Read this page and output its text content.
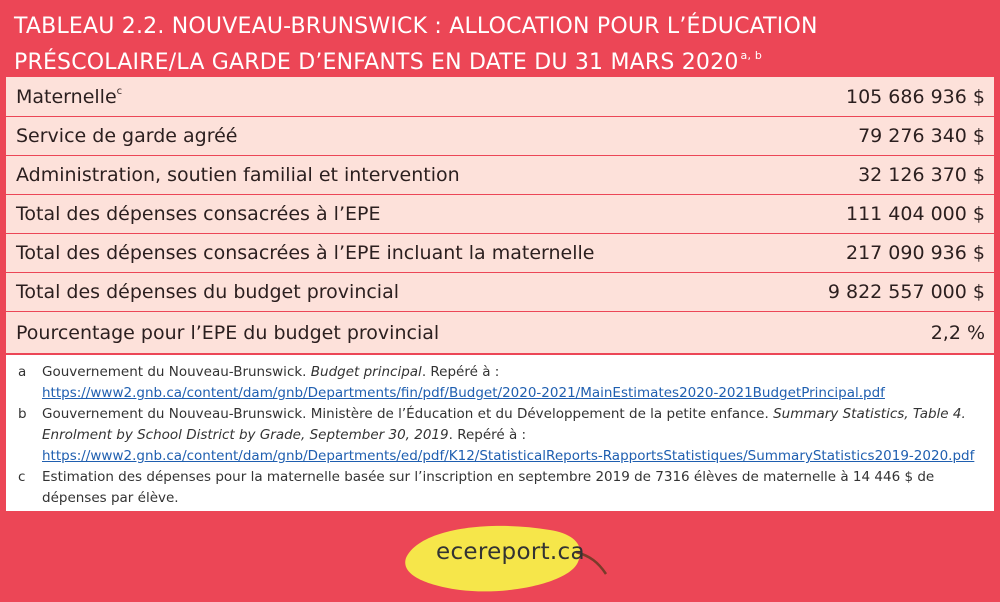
TABLEAU 2.2. NOUVEAU-BRUNSWICK : ALLOCATION POUR L’ÉDUCATION PRÉSCOLAIRE/LA GARDE D’ENFANTS EN DATE DU 31 MARS 2020 $^{a, b}$
Maternelle$^c$	105 686 936 $
Service de garde agréé	79 276 340 $
Administration, soutien familial et intervention	32 126 370 $
Total des dépenses consacrées à l’EPE	111 404 000 $
Total des dépenses consacrées à l’EPE incluant la maternelle	217 090 936 $
Total des dépenses du budget provincial	9 822 557 000 $
Pourcentage pour l’EPE du budget provincial	2,2 %
a	Gouvernement du Nouveau-Brunswick. Budget principal. Repéré à : https://www2.gnb.ca/content/dam/gnb/Departments/fin/pdf/Budget/2020-2021/MainEstimates2020-2021BudgetPrincipal.pdf
b	Gouvernement du Nouveau-Brunswick. Ministère de l’Éducation et du Développement de la petite enfance. Summary Statistics, Table 4. Enrolment by School District by Grade, September 30, 2019. Repéré à : https://www2.gnb.ca/content/dam/gnb/Departments/ed/pdf/K12/StatisticalReports-RapportsStatistiques/SummaryStatistics2019-2020.pdf
c	Estimation des dépenses pour la maternelle basée sur l’inscription en septembre 2019 de 7316 élèves de maternelle à 14 446 $ de dépenses par élève.
ecereport.ca
